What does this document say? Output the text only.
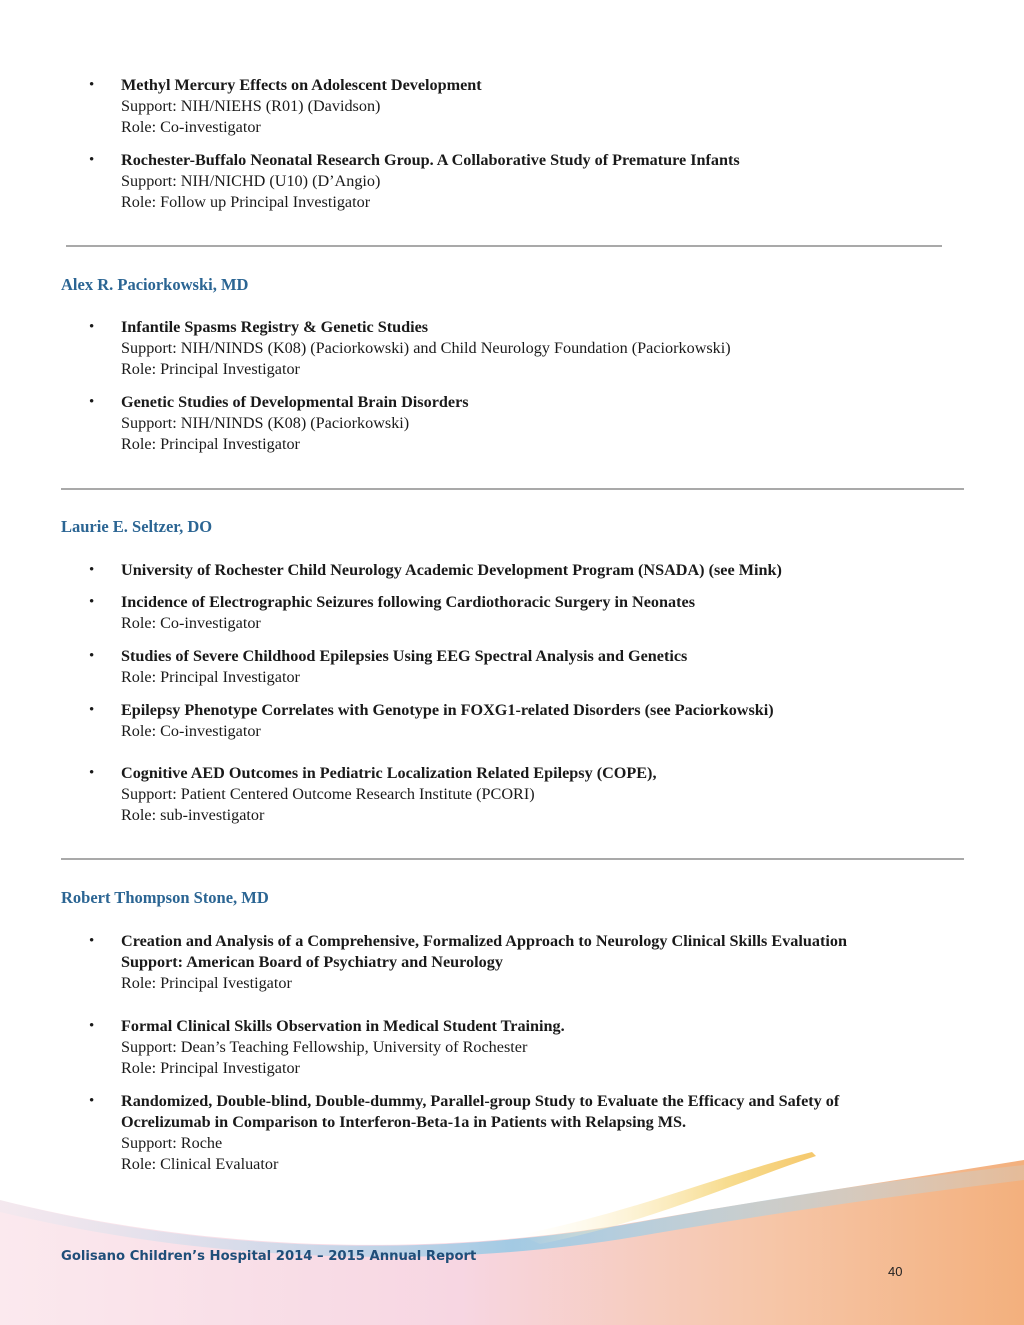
• Methyl Mercury Effects on Adolescent Development
Support: NIH/NIEHS (R01) (Davidson)
Role: Co-investigator
• Rochester-Buffalo Neonatal Research Group. A Collaborative Study of Premature Infants
Support: NIH/NICHD (U10) (D’Angio)
Role: Follow up Principal Investigator
Alex R. Paciorkowski, MD
• Infantile Spasms Registry & Genetic Studies
Support: NIH/NINDS (K08) (Paciorkowski) and Child Neurology Foundation (Paciorkowski)
Role: Principal Investigator
• Genetic Studies of Developmental Brain Disorders
Support: NIH/NINDS (K08) (Paciorkowski)
Role: Principal Investigator
Laurie E. Seltzer, DO
• University of Rochester Child Neurology Academic Development Program (NSADA) (see Mink)
• Incidence of Electrographic Seizures following Cardiothoracic Surgery in Neonates
Role: Co-investigator
• Studies of Severe Childhood Epilepsies Using EEG Spectral Analysis and Genetics
Role: Principal Investigator
• Epilepsy Phenotype Correlates with Genotype in FOXG1-related Disorders (see Paciorkowski)
Role: Co-investigator
• Cognitive AED Outcomes in Pediatric Localization Related Epilepsy (COPE),
Support: Patient Centered Outcome Research Institute (PCORI)
Role: sub-investigator
Robert Thompson Stone, MD
• Creation and Analysis of a Comprehensive, Formalized Approach to Neurology Clinical Skills Evaluation
Support: American Board of Psychiatry and Neurology
Role: Principal Ivestigator
• Formal Clinical Skills Observation in Medical Student Training.
Support: Dean’s Teaching Fellowship, University of Rochester
Role: Principal Investigator
• Randomized, Double-blind, Double-dummy, Parallel-group Study to Evaluate the Efficacy and Safety of
Ocrelizumab in Comparison to Interferon-Beta-1a in Patients with Relapsing MS.
Support: Roche
Role: Clinical Evaluator
Golisano Children’s Hospital 2014 – 2015 Annual Report
40
